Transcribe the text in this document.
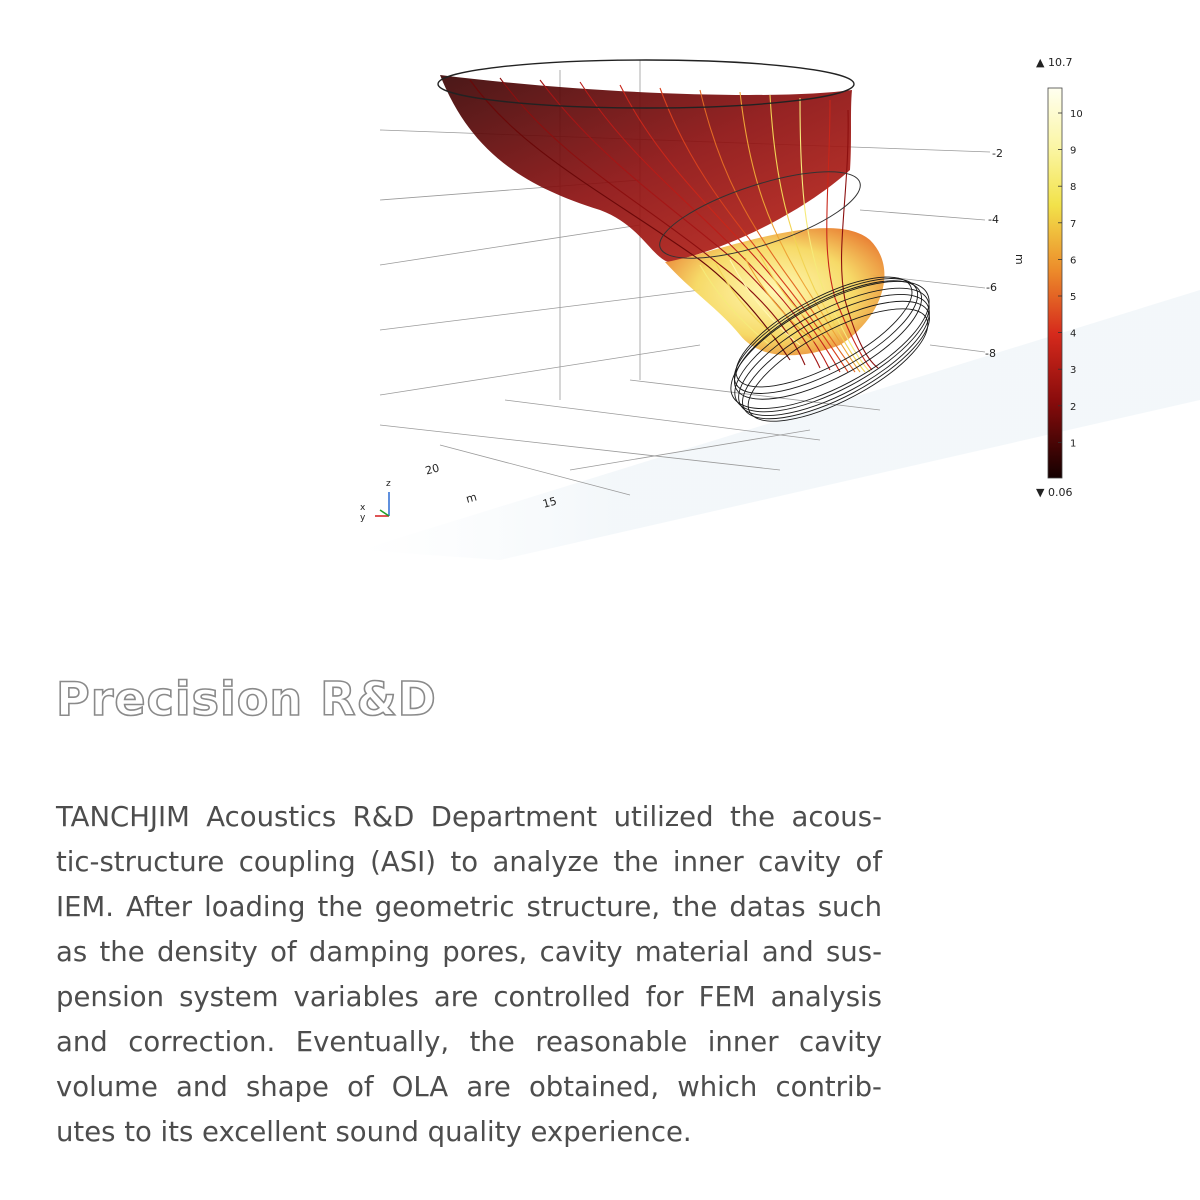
-2
-4
-6
-8
m
20
15
m
z
x
y
▲ 10.7
10
9
8
7
6
5
4
3
2
1
▼ 0.06
Precision R&D
TANCHJIM Acoustics R&D Department utilized the acous-
tic-structure coupling (ASI) to analyze the inner cavity of
IEM. After loading the geometric structure, the datas such
as the density of damping pores, cavity material and sus-
pension system variables are controlled for FEM analysis
and correction. Eventually, the reasonable inner cavity
volume and shape of OLA are obtained, which contrib-
utes to its excellent sound quality experience.
